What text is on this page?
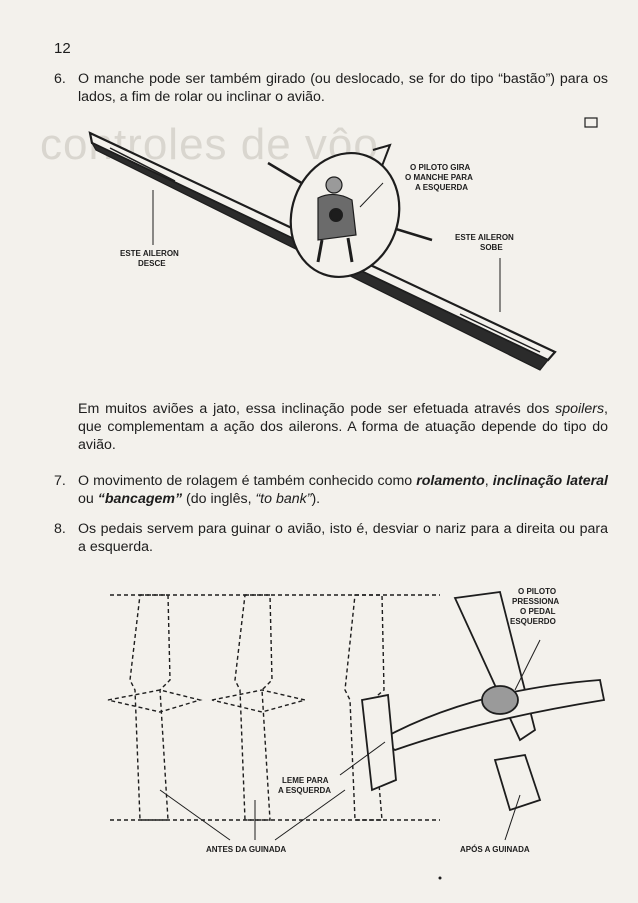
controles de vôo
12
6. O manche pode ser também girado (ou deslocado, se for do tipo “bastão”) para os lados, a fim de rolar ou inclinar o avião.
O PILOTO GIRA
O MANCHE PARA
A ESQUERDA
ESTE AILERON
DESCE
ESTE AILERON
SOBE
Em muitos aviões a jato, essa inclinação pode ser efetuada através dos spoilers, que complementam a ação dos ailerons. A forma de atuação depende do tipo do avião.
7. O movimento de rolagem é também conhecido como rolamento, inclinação lateral ou “bancagem” (do inglês, “to bank”).
8. Os pedais servem para guinar o avião, isto é, desviar o nariz para a direita ou para a esquerda.
O PILOTO
PRESSIONA
O PEDAL
ESQUERDO
LEME PARA
A ESQUERDA
ANTES DA GUINADA	APÓS A GUINADA
